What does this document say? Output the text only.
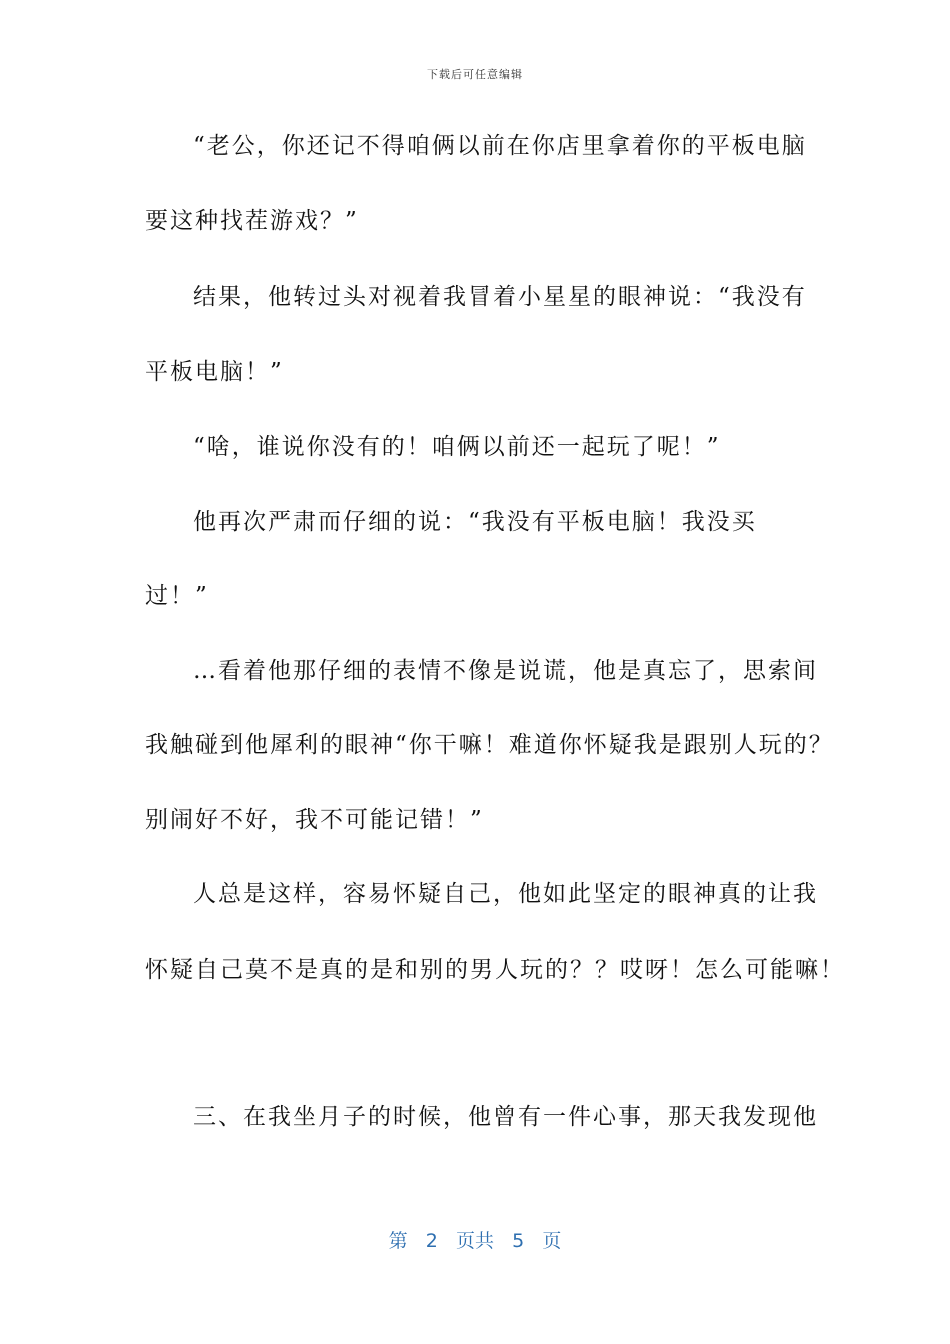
下载后可任意编辑
“老公，你还记不得咱俩以前在你店里拿着你的平板电脑
要这种找茬游戏？”
结果，他转过头对视着我冒着小星星的眼神说：“我没有
平板电脑！”
“啥，谁说你没有的！咱俩以前还一起玩了呢！”
他再次严肃而仔细的说：“我没有平板电脑！我没买
过！”
…看着他那仔细的表情不像是说谎，他是真忘了，思索间
我触碰到他犀利的眼神“你干嘛！难道你怀疑我是跟别人玩的？
别闹好不好，我不可能记错！”
人总是这样，容易怀疑自己，他如此坚定的眼神真的让我
怀疑自己莫不是真的是和别的男人玩的？？哎呀！怎么可能嘛！
三、在我坐月子的时候，他曾有一件心事，那天我发现他
第 2 页共 5 页
